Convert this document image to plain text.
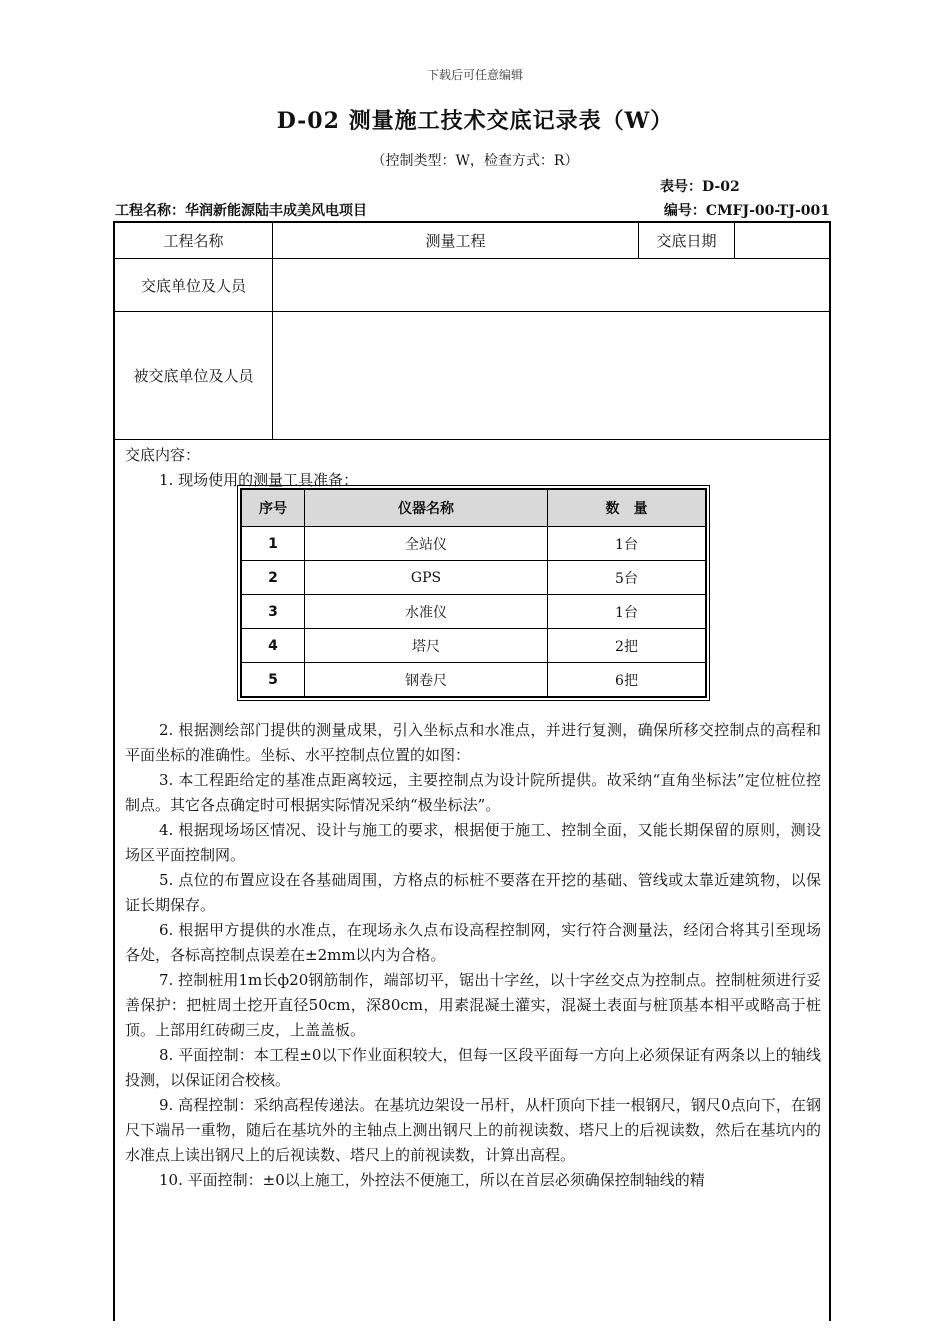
下载后可任意编辑
D-02 测量施工技术交底记录表（W）
（控制类型：W，检查方式：R）
表号：D-02
工程名称：华润新能源陆丰成美风电项目	编号：CMFJ-00-TJ-001
工程名称	测量工程	交底日期
交底单位及人员
被交底单位及人员

交底内容：

1. 现场使用的测量工具准备：

序号	仪器名称	数　量
1	全站仪	1台
2	GPS	5台
3	水准仪	1台
4	塔尺	2把
5	钢卷尺	6把

2. 根据测绘部门提供的测量成果，引入坐标点和水准点，并进行复测，确保所移交控制点的高程和平面坐标的准确性。坐标、水平控制点位置的如图：

3. 本工程距给定的基准点距离较远，主要控制点为设计院所提供。故采纳“直角坐标法”定位桩位控制点。其它各点确定时可根据实际情况采纳“极坐标法”。

4. 根据现场场区情况、设计与施工的要求，根据便于施工、控制全面，又能长期保留的原则，测设场区平面控制网。

5. 点位的布置应设在各基础周围，方格点的标桩不要落在开挖的基础、管线或太靠近建筑物，以保证长期保存。

6. 根据甲方提供的水准点，在现场永久点布设高程控制网，实行符合测量法，经闭合将其引至现场各处，各标高控制点误差在±2mm以内为合格。

7. 控制桩用1m长ф20钢筋制作，端部切平，锯出十字丝，以十字丝交点为控制点。控制桩须进行妥善保护：把桩周土挖开直径50cm，深80cm，用素混凝土灌实，混凝土表面与桩顶基本相平或略高于桩顶。上部用红砖砌三皮，上盖盖板。

8. 平面控制：本工程±0以下作业面积较大，但每一区段平面每一方向上必须保证有两条以上的轴线投测，以保证闭合校核。

9. 高程控制：采纳高程传递法。在基坑边架设一吊杆，从杆顶向下挂一根钢尺，钢尺0点向下，在钢尺下端吊一重物，随后在基坑外的主轴点上测出钢尺上的前视读数、塔尺上的后视读数，然后在基坑内的水准点上读出钢尺上的后视读数、塔尺上的前视读数，计算出高程。

10. 平面控制：±0以上施工，外控法不便施工，所以在首层必须确保控制轴线的精
